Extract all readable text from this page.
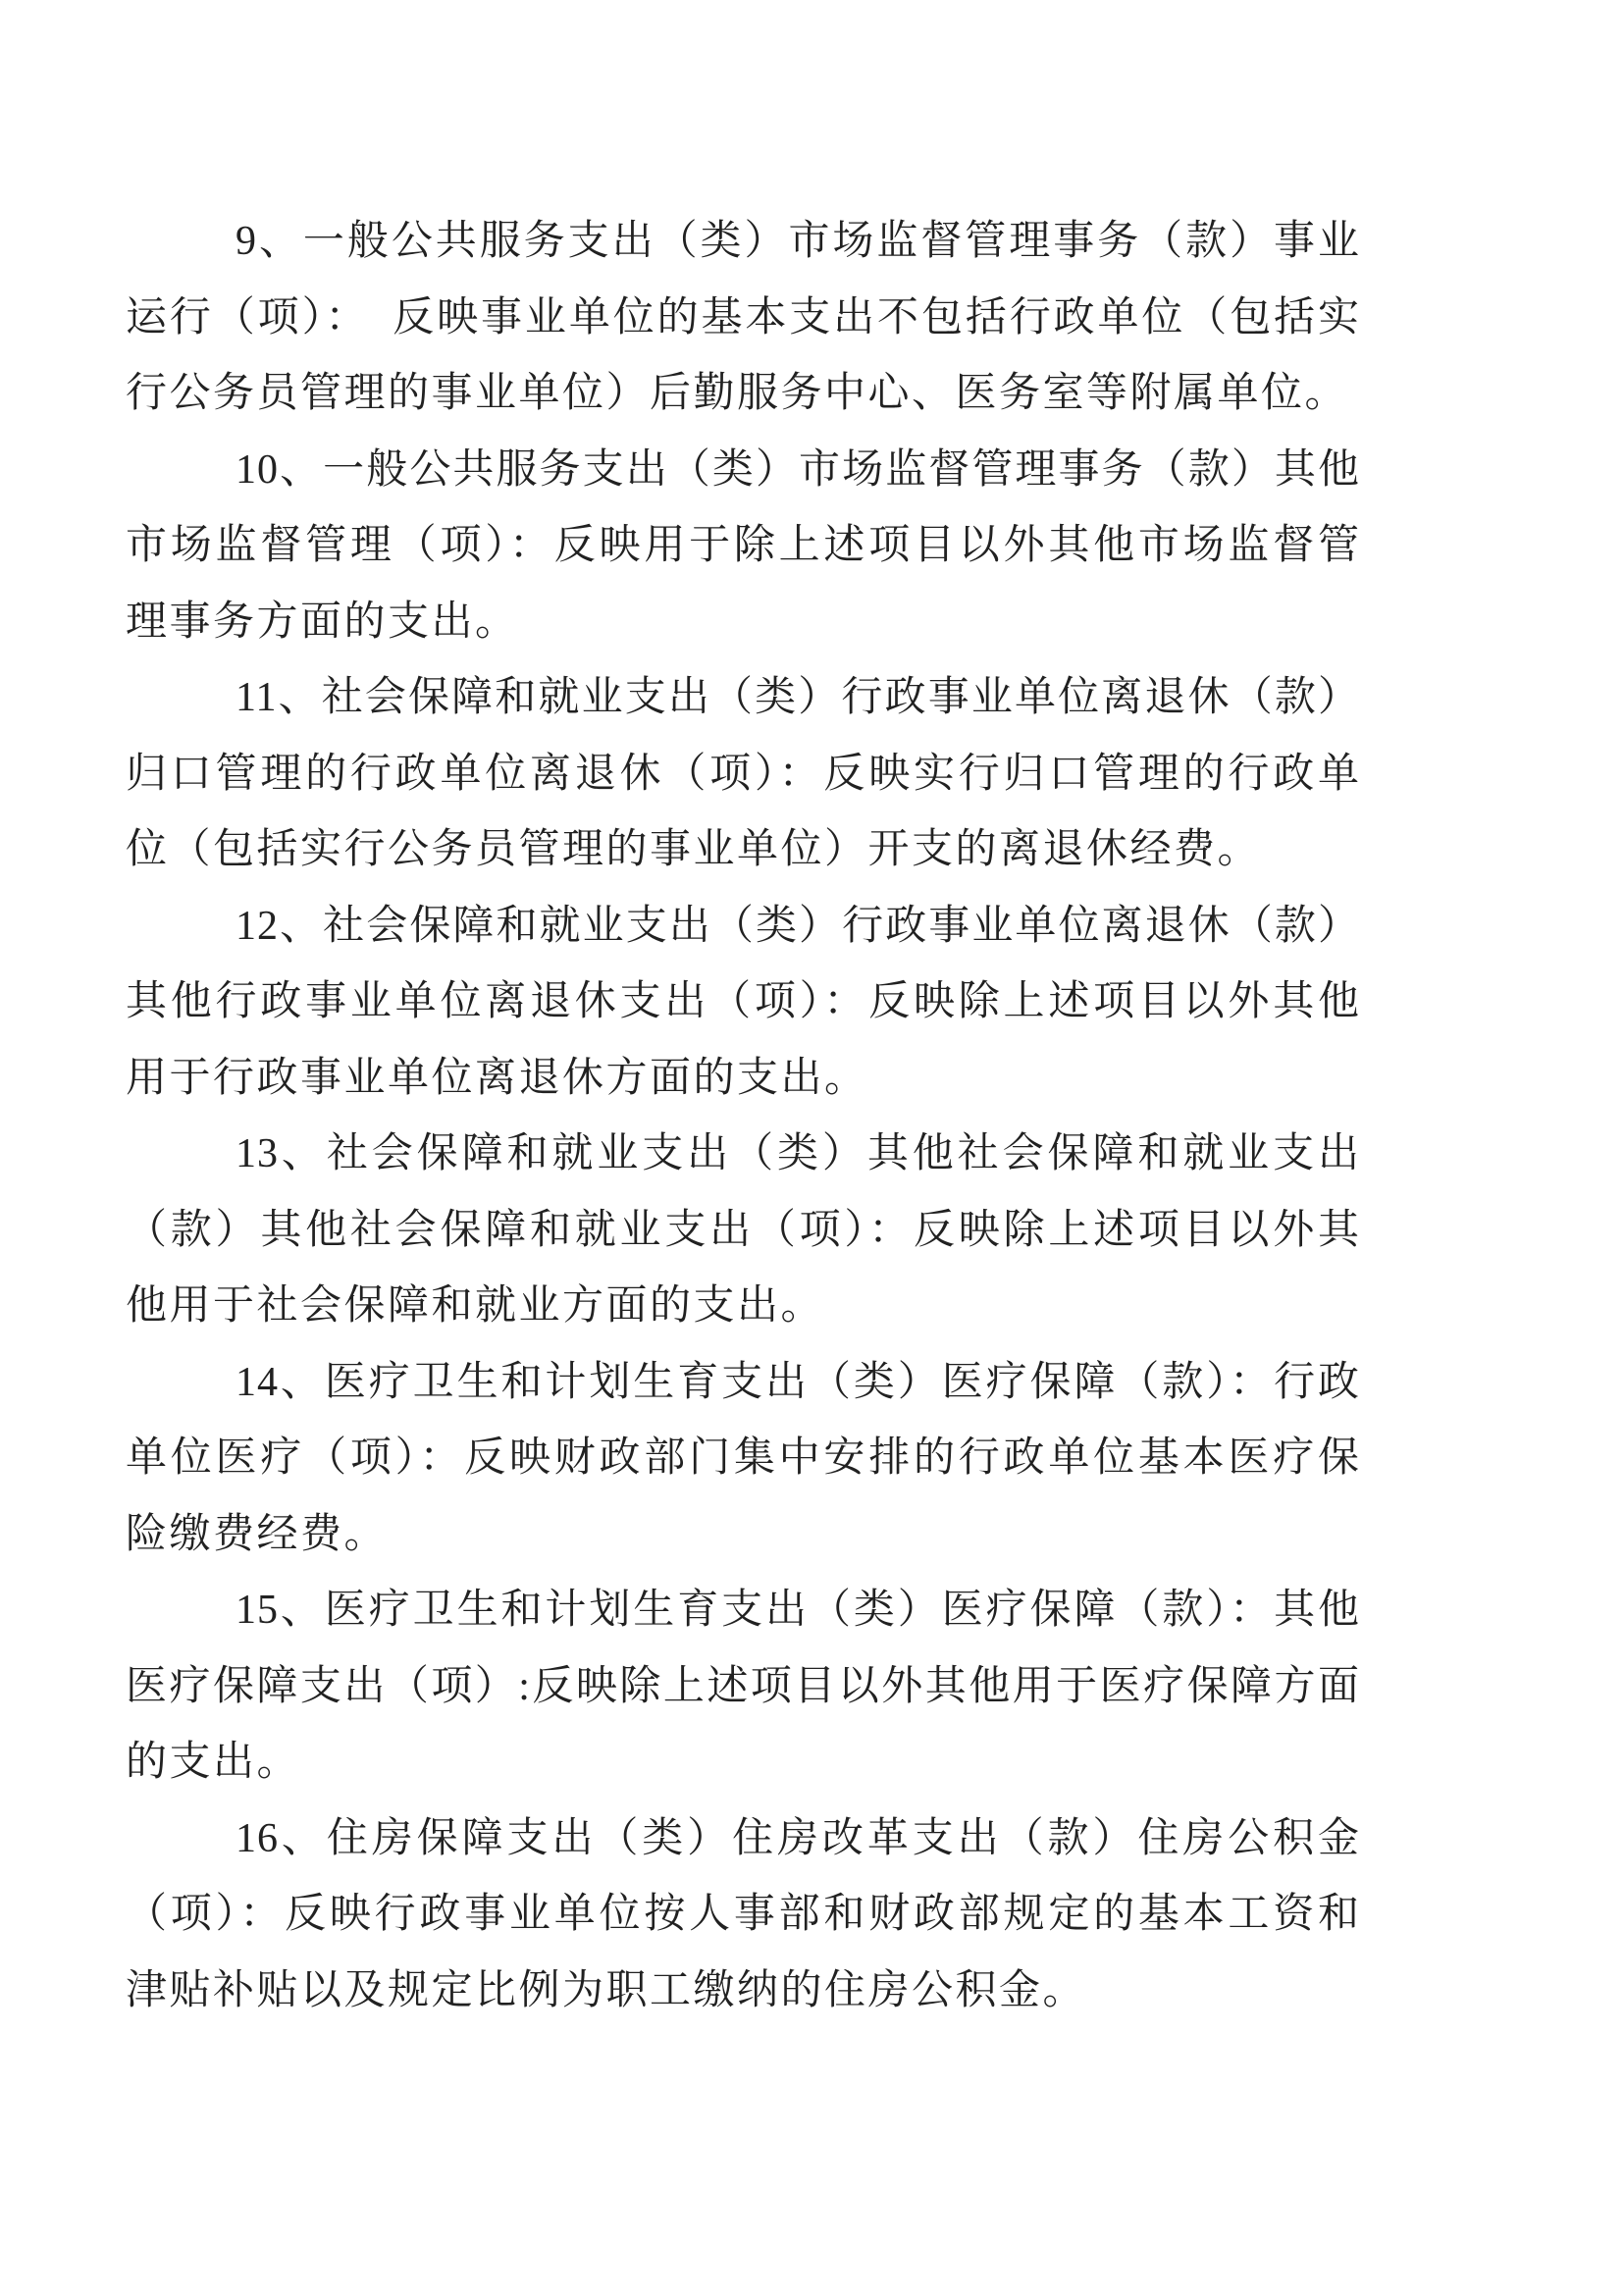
9、一般公共服务支出（类）市场监督管理事务（款）事业
运行（项）：　反映事业单位的基本支出不包括行政单位（包括实
行公务员管理的事业单位）后勤服务中心、医务室等附属单位。
10、一般公共服务支出（类）市场监督管理事务（款）其他
市场监督管理（项）：反映用于除上述项目以外其他市场监督管
理事务方面的支出。
11、社会保障和就业支出（类）行政事业单位离退休（款）
归口管理的行政单位离退休（项）：反映实行归口管理的行政单
位（包括实行公务员管理的事业单位）开支的离退休经费。
12、社会保障和就业支出（类）行政事业单位离退休（款）
其他行政事业单位离退休支出（项）：反映除上述项目以外其他
用于行政事业单位离退休方面的支出。
13、社会保障和就业支出（类）其他社会保障和就业支出
（款）其他社会保障和就业支出（项）：反映除上述项目以外其
他用于社会保障和就业方面的支出。
14、医疗卫生和计划生育支出（类）医疗保障（款）：行政
单位医疗（项）：反映财政部门集中安排的行政单位基本医疗保
险缴费经费。
15、医疗卫生和计划生育支出（类）医疗保障（款）：其他
医疗保障支出（项）:反映除上述项目以外其他用于医疗保障方面
的支出。
16、住房保障支出（类）住房改革支出（款）住房公积金
（项）：反映行政事业单位按人事部和财政部规定的基本工资和
津贴补贴以及规定比例为职工缴纳的住房公积金。
